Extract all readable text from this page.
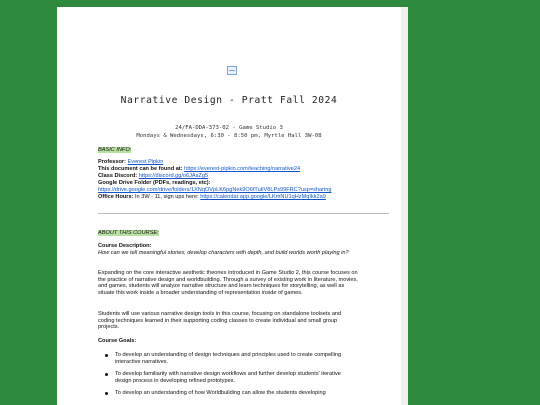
Narrative Design - Pratt Fall 2024
24/FA-DDA-373-02 - Game Studio 3
Mondays & Wednesdays, 6:30 - 8:50 pm, Myrtle Hall 3W-08
BASIC INFO:
Professor: Everest Pipkin
This document can be found at: https://everest-pipkin.com/teaching/narrative24
Class Discord: https://discord.gg/o6JAsZg5
Google Drive Folder (PDFs, readings, etc):
https://drive.google.com/drive/folders/1XNqOVpLK6pgNek9O6fTuIiV8LPs99FRC?usp=sharing
Office Hours: In 3W - 11, sign ups here: https://calendar.app.google/LKmNU1qHzMqIkk2a9
ABOUT THIS COURSE:
Course Description:
How can we tell meaningful stories, develop characters with depth, and build worlds worth playing in?
Expanding on the core interactive aesthetic theories introduced in Game Studio 2, this course focuses on the practice of narrative design and worldbuilding. Through a survey of existing work in literature, movies, and games, students will analyze narrative structure and learn techniques for storytelling, as well as situate this work inside a broader understanding of representation inside of games.
Students will use various narrative design tools in this course, focusing on standalone toolsets and coding techniques learned in their supporting coding classes to create individual and small group projects.
Course Goals:
To develop an understanding of design techniques and principles used to create compelling interactive narratives.
To develop familiarity with narrative design workflows and further develop students' iterative design process in developing refined prototypes.
To develop an understanding of how Worldbuilding can allow the students developing
